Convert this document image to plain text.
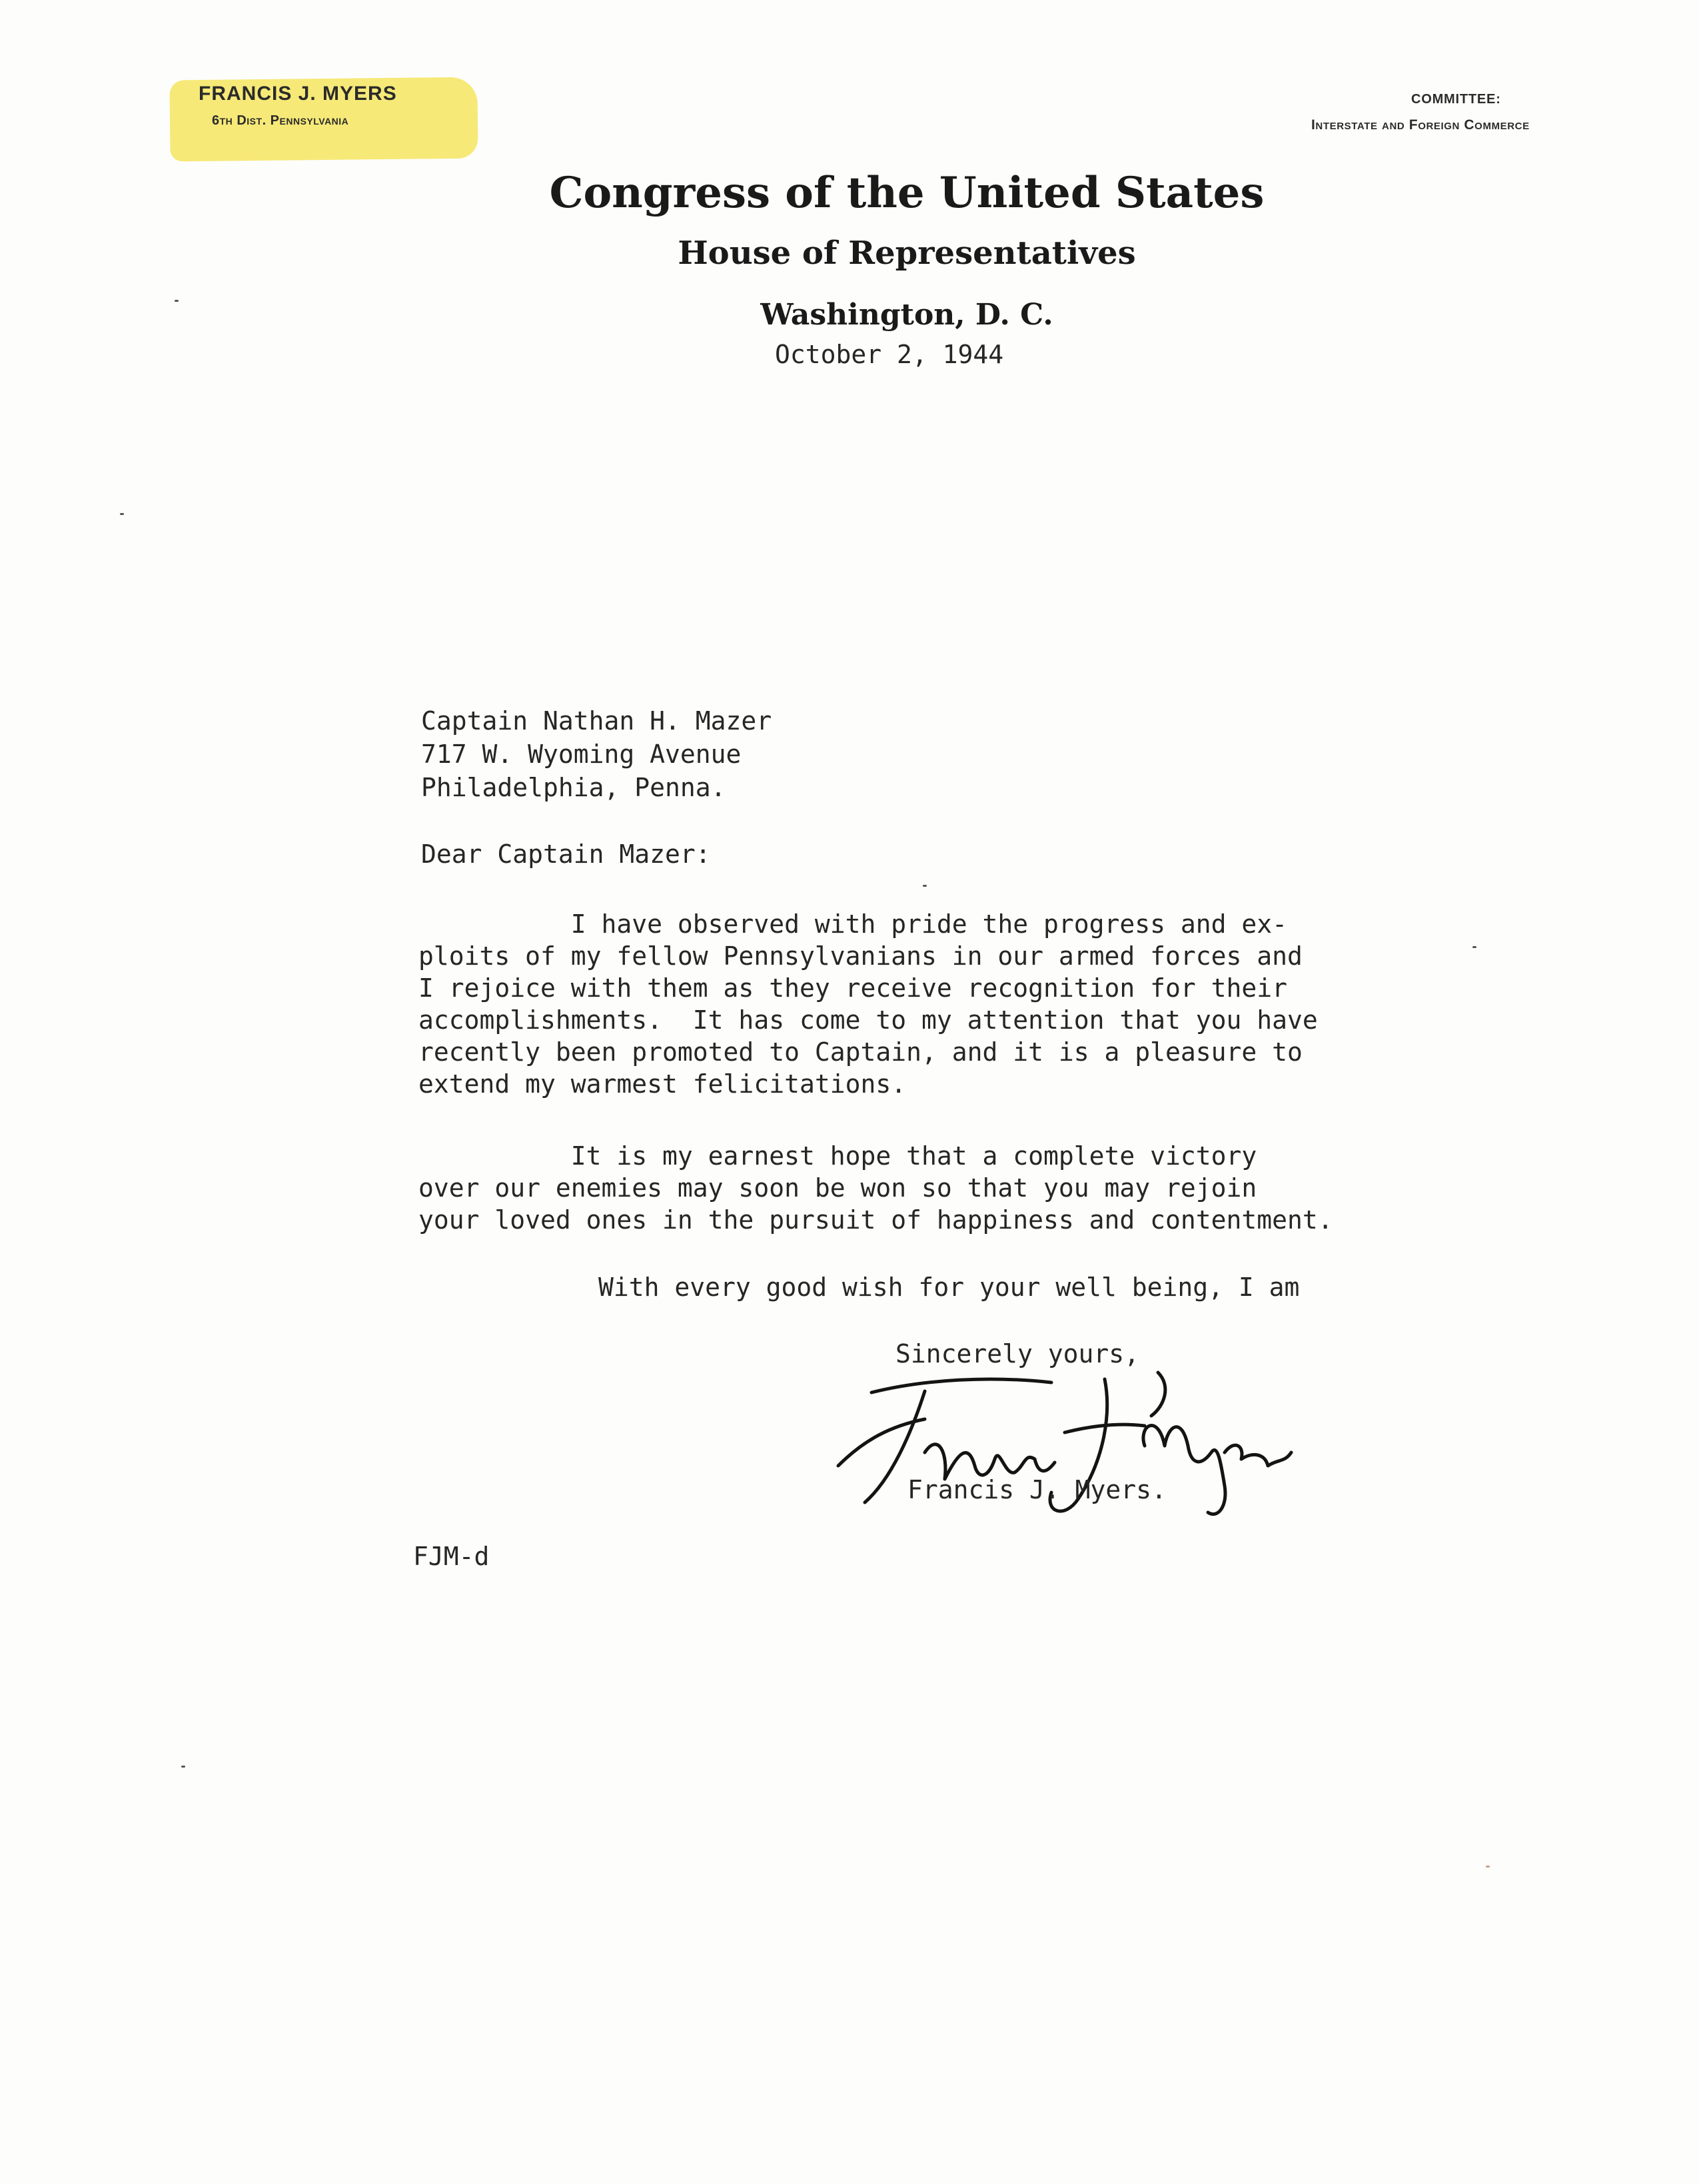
FRANCIS J. MYERS
6th Dist. Pennsylvania
COMMITTEE:
Interstate and Foreign Commerce
Congress of the United States
House of Representatives
Washington, D. C.
October 2, 1944
Captain Nathan H. Mazer
717 W. Wyoming Avenue
Philadelphia, Penna.
Dear Captain Mazer:
I have observed with pride the progress and ex-
ploits of my fellow Pennsylvanians in our armed forces and
I rejoice with them as they receive recognition for their
accomplishments.  It has come to my attention that you have
recently been promoted to Captain, and it is a pleasure to
extend my warmest felicitations.
It is my earnest hope that a complete victory
over our enemies may soon be won so that you may rejoin
your loved ones in the pursuit of happiness and contentment.
With every good wish for your well being, I am
Sincerely yours,
Francis J. Myers.
FJM-d
